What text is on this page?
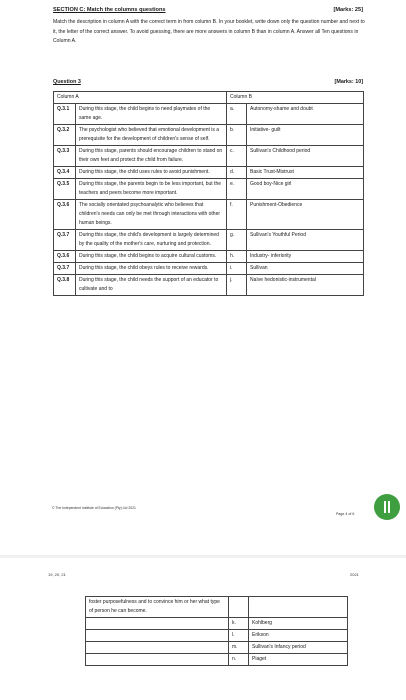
SECTION C: Match the columns questions	[Marks: 25]
Match the description in column A with the correct term in from column B. In your booklet, write down only the question number and next to it, the letter of the correct answer. To avoid guessing, there are more answers in column B than in column A. Answer all Ten questions in Column A.
Question 3	[Marks: 10]
Column A		Column B	
Q.3.1	During this stage, the child begins to need playmates of the same age.	a.	Autonomy-shame and doubt
Q.3.2	The psychologist who believed that emotional development is a prerequisite for the development of children's sense of self.	b.	Initiative- guilt
Q.3.3	During this stage, parents should encourage children to stand on their own feet and protect the child from failure.	c.	Sullivan's Childhood period
Q.3.4	During this stage, the child uses rules to avoid punishment.	d.	Basic Trust-Mistrust
Q.3.5	During this stage, the parents begin to be less important, but the teachers and peers become more important.	e.	Good boy-Nice girl
Q.3.6	The socially orientated psychoanalytic who believes that children's needs can only be met through interactions with other human beings.	f.	Punishment-Obedience
Q.3.7	During this stage, the child's development is largely determined by the quality of the mother's care, nurturing and protection.	g.	Sullivan's Youthful Period
Q.3.6	During this stage, the child begins to acquire cultural customs.	h.	Industry- inferiority
Q.3.7	During this stage, the child obeys rules to receive rewards.	i.	Sullivan
Q.3.8	During this stage, the child needs the support of an educator to cultivate and to	j.	Naïve hedonistic-instrumental
© The Independent Institute of Education (Pty) Ltd 2021
Page 4 of 6
19, 20, 21	2021
foster purposefulness and to convince him or her what type of person he can become.		
	k.	Kohlberg
	l.	Erikson
	m.	Sullivan's Infancy period
	n.	Piaget
